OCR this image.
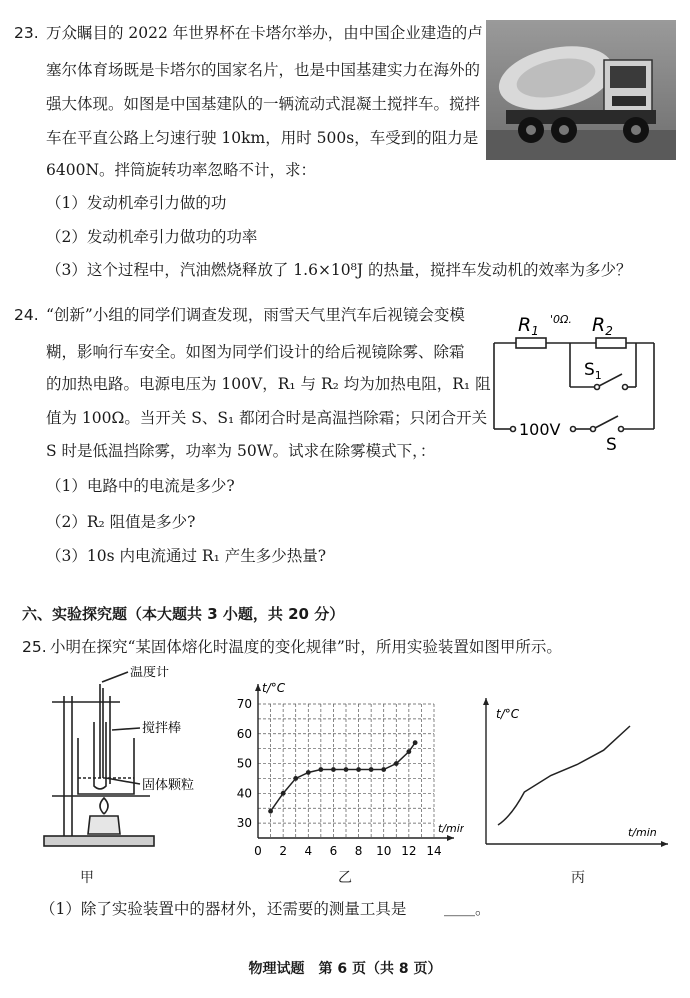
23. 万众瞩目的 2022 年世界杯在卡塔尔举办，由中国企业建造的卢
塞尔体育场既是卡塔尔的国家名片，也是中国基建实力在海外的
强大体现。如图是中国基建队的一辆流动式混凝土搅拌车。搅拌
车在平直公路上匀速行驶 10km，用时 500s，车受到的阻力是
6400N。拌筒旋转功率忽略不计，求：
（1）发动机牵引力做的功
（2）发动机牵引力做功的功率
（3）这个过程中，汽油燃烧释放了 1.6×10⁸J 的热量，搅拌车发动机的效率为多少？
24. “创新”小组的同学们调查发现，雨雪天气里汽车后视镜会变模
糊，影响行车安全。如图为同学们设计的给后视镜除雾、除霜
的加热电路。电源电压为 100V，R₁ 与 R₂ 均为加热电阻，R₁ 阻
值为 100Ω。当开关 S、S₁ 都闭合时是高温挡除霜；只闭合开关
S 时是低温挡除雾，功率为 50W。试求在除雾模式下，：
（1）电路中的电流是多少?
（2）R₂ 阻值是多少?
（3）10s 内电流通过 R₁ 产生多少热量?
$R_1$
'0Ω. $R_2$
$S_1$
100V
S
六、实验探究题（本大题共 3 小题，共 20 分）
25. 小明在探究“某固体熔化时温度的变化规律”时，所用实验装置如图甲所示。
温度计
搅拌棒
固体颗粒
甲
0 2 4 6 8 10 12 14
30
40
50
60
70
t/°C
t/min
乙
t/°C
t/min
丙
（1）除了实验装置中的器材外，还需要的测量工具是 ＿＿。
物理试题　第 6 页（共 8 页）
